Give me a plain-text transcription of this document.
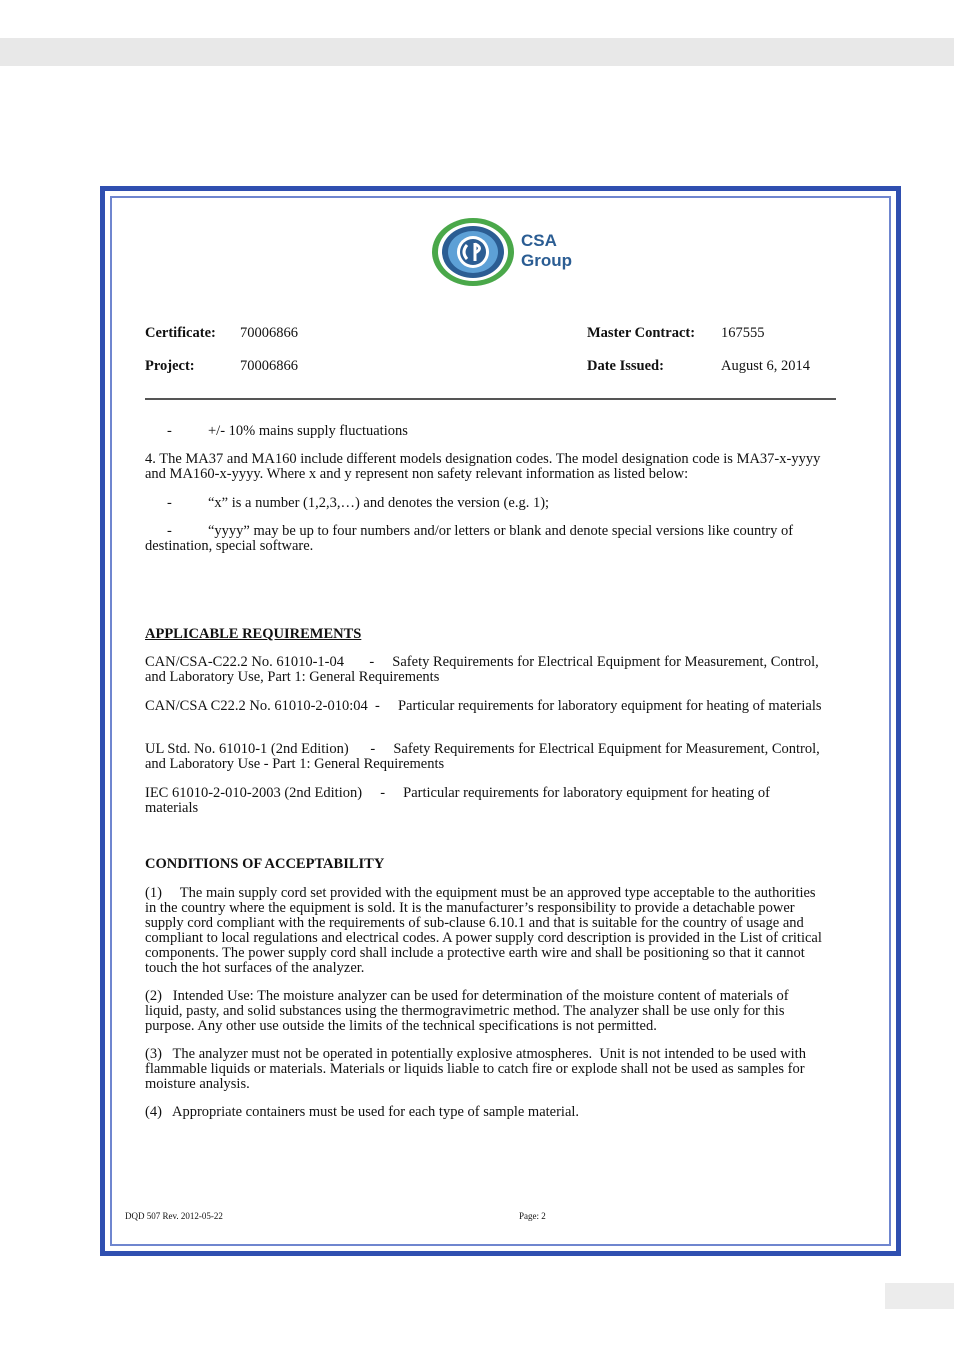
CSA
Group
Certificate: 70006866
Project:	70006866
Master Contract: 167555
Date Issued:	August 6, 2014
- +/- 10% mains supply fluctuations
4. The MA37 and MA160 include different models designation codes. The model designation code is MA37-x-yyyy and MA160-x-yyyy. Where x and y represent non safety relevant information as listed below:
- “x” is a number (1,2,3,…) and denotes the version (e.g. 1);
- “yyyy” may be up to four numbers and/or letters or blank and denote special versions like country of destination, special software.
APPLICABLE REQUIREMENTS
CAN/CSA-C22.2 No. 61010-1-04       -     Safety Requirements for Electrical Equipment for Measurement, Control, and Laboratory Use, Part 1: General Requirements
CAN/CSA C22.2 No. 61010-2-010:04  -     Particular requirements for laboratory equipment for heating of materials
UL Std. No. 61010-1 (2nd Edition)      -     Safety Requirements for Electrical Equipment for Measurement, Control, and Laboratory Use - Part 1: General Requirements
IEC 61010-2-010-2003 (2nd Edition)     -     Particular requirements for laboratory equipment for heating of materials
CONDITIONS OF ACCEPTABILITY
(1)     The main supply cord set provided with the equipment must be an approved type acceptable to the authorities in the country where the equipment is sold. It is the manufacturer’s responsibility to provide a detachable power supply cord compliant with the requirements of sub-clause 6.10.1 and that is suitable for the country of usage and compliant to local regulations and electrical codes. A power supply cord description is provided in the List of critical components. The power supply cord shall include a protective earth wire and shall be positioning so that it cannot touch the hot surfaces of the analyzer.
(2)   Intended Use: The moisture analyzer can be used for determination of the moisture content of materials of liquid, pasty, and solid substances using the thermogravimetric method. The analyzer shall be use only for this purpose. Any other use outside the limits of the technical specifications is not permitted.
(3)   The analyzer must not be operated in potentially explosive atmospheres.  Unit is not intended to be used with flammable liquids or materials. Materials or liquids liable to catch fire or explode shall not be used as samples for moisture analysis.
(4)   Appropriate containers must be used for each type of sample material.
DQD 507 Rev. 2012-05-22	Page: 2
